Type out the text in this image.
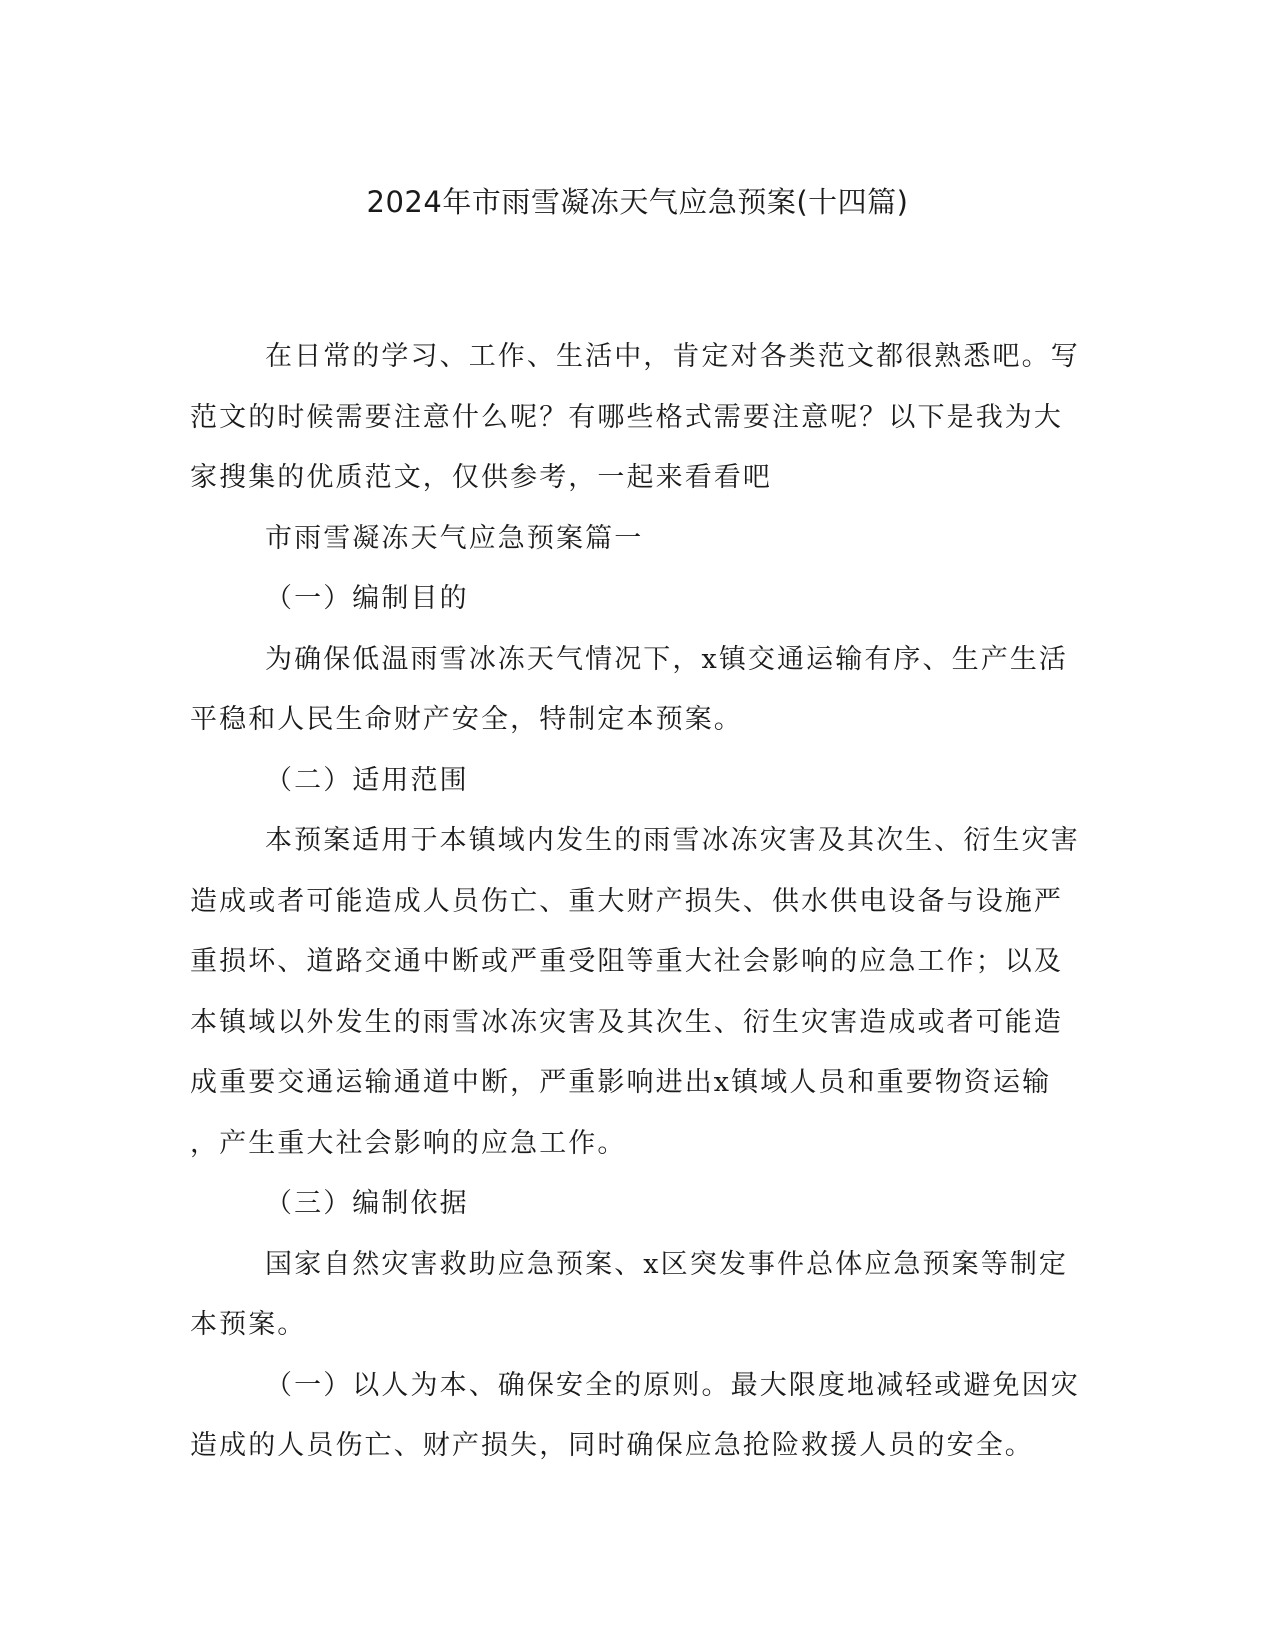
2024年市雨雪凝冻天气应急预案(十四篇)

在日常的学习、工作、生活中，肯定对各类范文都很熟悉吧。写
范文的时候需要注意什么呢？有哪些格式需要注意呢？以下是我为大
家搜集的优质范文，仅供参考，一起来看看吧

市雨雪凝冻天气应急预案篇一

（一）编制目的

为确保低温雨雪冰冻天气情况下，x镇交通运输有序、生产生活
平稳和人民生命财产安全，特制定本预案。

（二）适用范围

本预案适用于本镇域内发生的雨雪冰冻灾害及其次生、衍生灾害
造成或者可能造成人员伤亡、重大财产损失、供水供电设备与设施严
重损坏、道路交通中断或严重受阻等重大社会影响的应急工作；以及
本镇域以外发生的雨雪冰冻灾害及其次生、衍生灾害造成或者可能造
成重要交通运输通道中断，严重影响进出x镇域人员和重要物资运输
，产生重大社会影响的应急工作。

（三）编制依据

国家自然灾害救助应急预案、x区突发事件总体应急预案等制定
本预案。

（一）以人为本、确保安全的原则。最大限度地减轻或避免因灾
造成的人员伤亡、财产损失，同时确保应急抢险救援人员的安全。
